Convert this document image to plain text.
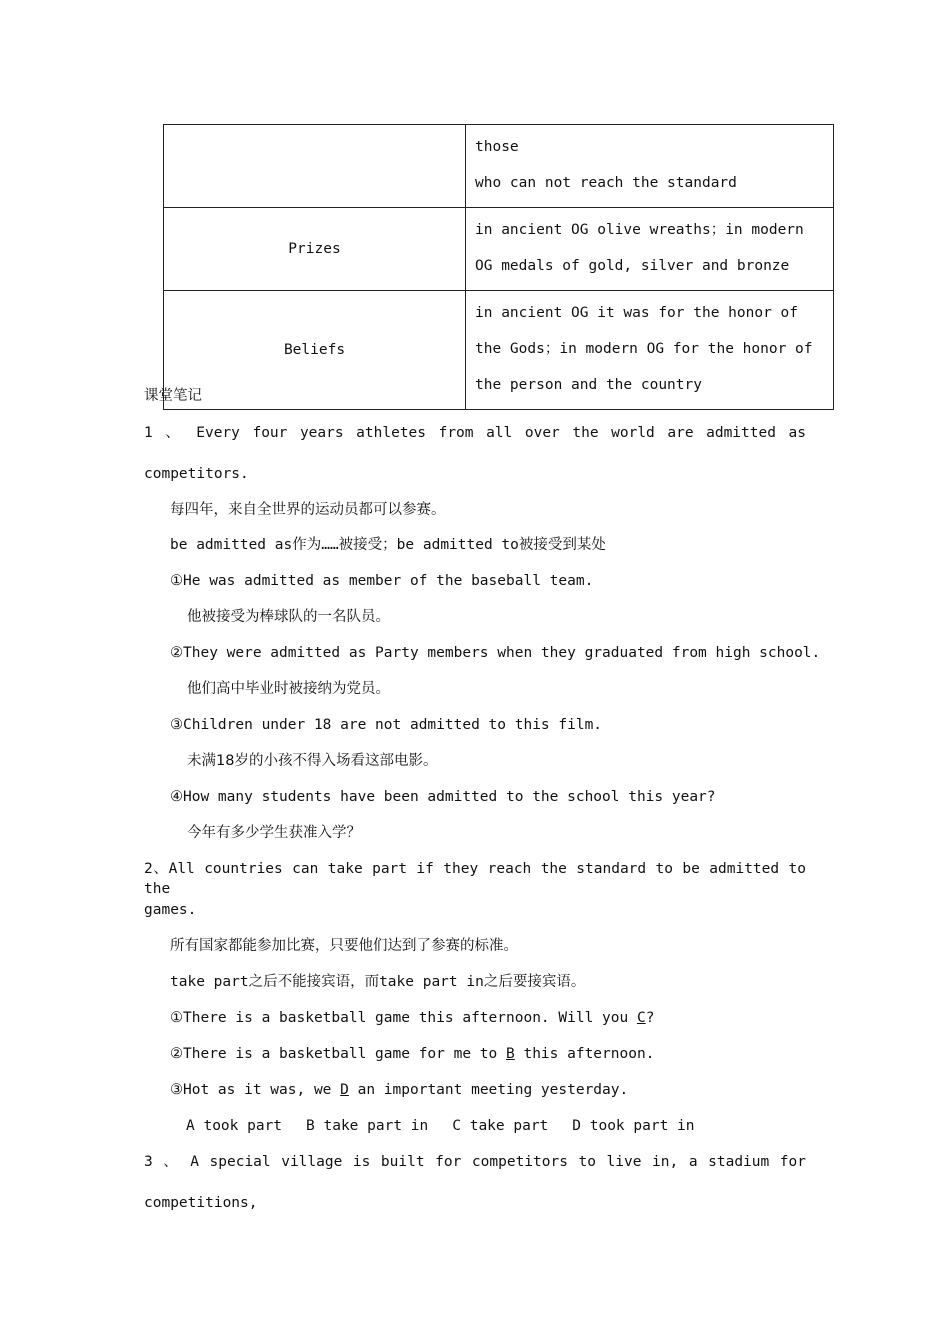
	those
who can not reach the standard

Prizes	in ancient OG olive wreaths；in modern
OG medals of gold, silver and bronze

Beliefs	in ancient OG it was for the honor of
the Gods；in modern OG for the honor of
the person and the country
课堂笔记
1 、 Every four years athletes from all over the world are admitted as
competitors.
每四年，来自全世界的运动员都可以参赛。
be admitted as作为……被接受；be admitted to被接受到某处
①He was admitted as member of the baseball team.
他被接受为棒球队的一名队员。
②They were admitted as Party members when they graduated from high school.
他们高中毕业时被接纳为党员。
③Children under 18 are not admitted to this film.
未满18岁的小孩不得入场看这部电影。
④How many students have been admitted to the school this year?
今年有多少学生获准入学？
2、All countries can take part if they reach the standard to be admitted to the
games.
所有国家都能参加比赛，只要他们达到了参赛的标准。
take part之后不能接宾语，而take part in之后要接宾语。
①There is a basketball game this afternoon. Will you C?
②There is a basketball game for me to B this afternoon.
③Hot as it was, we D an important meeting yesterday.
A took part B take part in C take part D took part in
3 、 A special village is built for competitors to live in, a stadium for
competitions,
